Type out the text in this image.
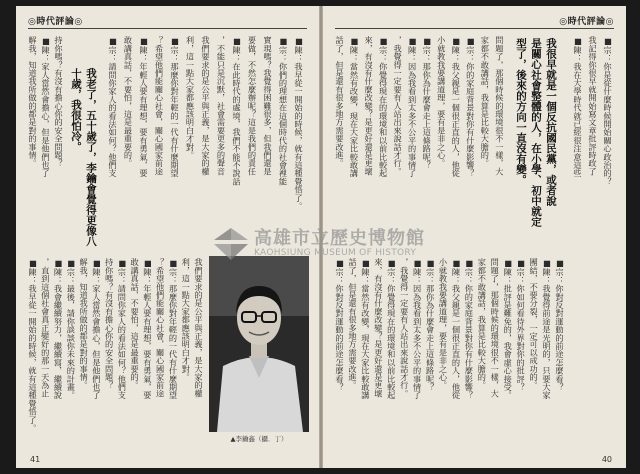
◎時代評論◎
■陳：我早從一開始的時候，就有這種覺悟了。
■宗：你們的理想在這個時代的社會裡能
實現嗎？我覺得困難很多，但我們還是
要做，不然怎麼辦呢？這是我們的責任
■陳：在此時代的處境，我們不能不說話
，不能只是沉默，社會需要更多的聲音
我們要求的是公平與正義，是大家的權
利，這一點大家都應該明白才對。
■宗：那麼你對年輕的一代有什麼期望
？希望他們能關心社會，關心國家前途
■陳：年輕人要有理想，要有勇氣，要
敢講真話，不要怕，這是最重要的。
■宗：請問你家人的看法如何？他們支
我老了，五十歲了，李鑰會覺得更像八
十歲，我很怕冷。
持你嗎？有沒有擔心你的安全問題？
■陳：家人當然會擔心，但是他們也了
解我，知道我所做的都是對的事情。
我們要求的是公平與正義，是大家的權
利，這一點大家都應該明白才對。
■宗：那麼你對年輕的一代有什麼期望
？希望他們能關心社會，關心國家前途
■陳：年輕人要有理想，要有勇氣，要
敢講真話，不要怕，這是最重要的。
■宗：請問你家人的看法如何？他們支
持你嗎？有沒有擔心你的安全問題？
■陳：家人當然會擔心，但是他們也了
解我，知道我所做的都是對的事情。
■宗：最後，請你談談你未來的計畫。
■陳：我會繼續努力，繼續寫，繼續說
，直到這個社會真正變好的那一天為止
■陳：我早從一開始的時候，就有這種覺悟了。
▲李鑰鑫（攝．丁）
41
◎時代評論◎
■宗：你是從什麼時候開始關心政治的？
我記得你很早就開始寫文章批評時政了
■陳：我在大學時代就已經很注意這些
我很早就是一個反抗國民黨，或者說
是關心社會整體的人，在小學、初中就定
型了，後來的方向一直沒有變。
問題了，那個時候的環境很不一樣，大
家都不敢講話，我算是比較大膽的。
■宗：你的家庭背景對你有什麼影響？
■陳：我父親是一個很正直的人，他從
小就教我要講道理，要有是非之心。
■宗：那你為什麼會走上這條路呢？
■陳：因為我看到太多不公平的事情了
，我覺得一定要有人站出來說話才行。
■宗：你覺得現在的環境和以前比較起
來，有沒有什麼改變？是更好還是更壞
■陳：當然有改變，現在大家比較敢講
話了，但是還有很多地方需要改進。
■宗：你對反對運動的前途怎麼看？
■陳：我覺得前途是光明的，只要大家
團結，不要分裂，一定可以成功的。
■宗：你如何看待外界對你的批評？
■陳：批評是難免的，我會虛心接受。
問題了，那個時候的環境很不一樣，大
家都不敢講話，我算是比較大膽的。
■宗：你的家庭背景對你有什麼影響？
■陳：我父親是一個很正直的人，他從
小就教我要講道理，要有是非之心。
■宗：那你為什麼會走上這條路呢？
■陳：因為我看到太多不公平的事情了
，我覺得一定要有人站出來說話才行。
■宗：你覺得現在的環境和以前比較起
來，有沒有什麼改變？是更好還是更壞
■陳：當然有改變，現在大家比較敢講
話了，但是還有很多地方需要改進。
■宗：你對反對運動的前途怎麼看？
40
高雄市立歷史博物館
KAOHSIUNG MUSEUM OF HISTORY
